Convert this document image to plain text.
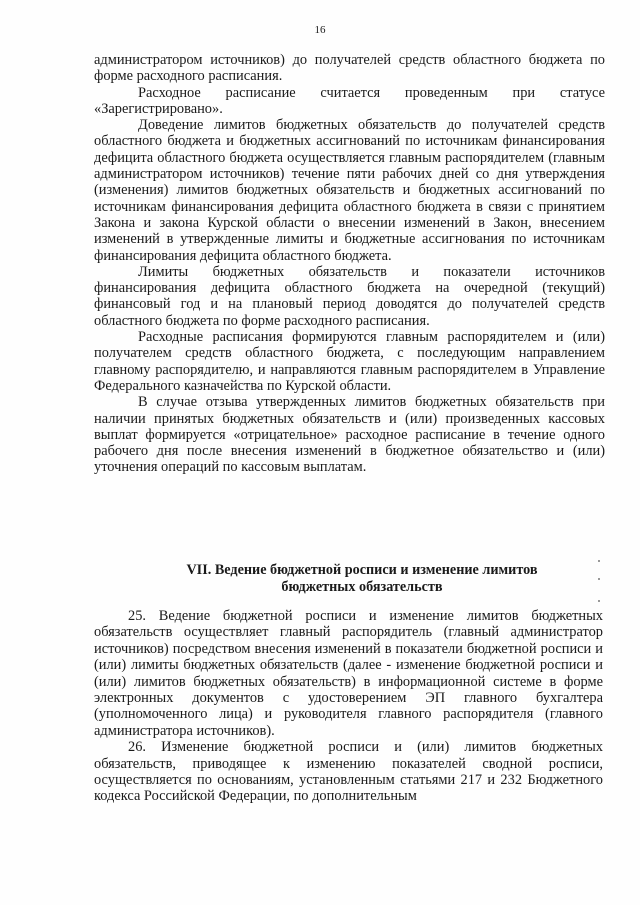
16

администратором источников) до получателей средств областного бюджета по форме расходного расписания.

Расходное расписание считается проведенным при статусе «Зарегистрировано».

Доведение лимитов бюджетных обязательств до получателей средств областного бюджета и бюджетных ассигнований по источникам финансирования дефицита областного бюджета осуществляется главным распорядителем (главным администратором источников) течение пяти рабочих дней со дня утверждения (изменения) лимитов бюджетных обязательств и бюджетных ассигнований по источникам финансирования дефицита областного бюджета в связи с принятием Закона и закона Курской области о внесении изменений в Закон, внесением изменений в утвержденные лимиты и бюджетные ассигнования по источникам финансирования дефицита областного бюджета.

Лимиты бюджетных обязательств и показатели источников финансирования дефицита областного бюджета на очередной (текущий) финансовый год и на плановый период доводятся до получателей средств областного бюджета по форме расходного расписания.

Расходные расписания формируются главным распорядителем и (или) получателем средств областного бюджета, с последующим направлением главному распорядителю, и направляются главным распорядителем в Управление Федерального казначейства по Курской области.

В случае отзыва утвержденных лимитов бюджетных обязательств при наличии принятых бюджетных обязательств и (или) произведенных кассовых выплат формируется «отрицательное» расходное расписание в течение одного рабочего дня после внесения изменений в бюджетное обязательство и (или) уточнения операций по кассовым выплатам.

VII. Ведение бюджетной росписи и изменение лимитов бюджетных обязательств

25. Ведение бюджетной росписи и изменение лимитов бюджетных обязательств осуществляет главный распорядитель (главный администратор источников) посредством внесения изменений в показатели бюджетной росписи и (или) лимиты бюджетных обязательств (далее - изменение бюджетной росписи и (или) лимитов бюджетных обязательств) в информационной системе в форме электронных документов с удостоверением ЭП главного бухгалтера (уполномоченного лица) и руководителя главного распорядителя (главного администратора источников).

26. Изменение бюджетной росписи и (или) лимитов бюджетных обязательств, приводящее к изменению показателей сводной росписи, осуществляется по основаниям, установленным статьями 217 и 232 Бюджетного кодекса Российской Федерации, по дополнительным
